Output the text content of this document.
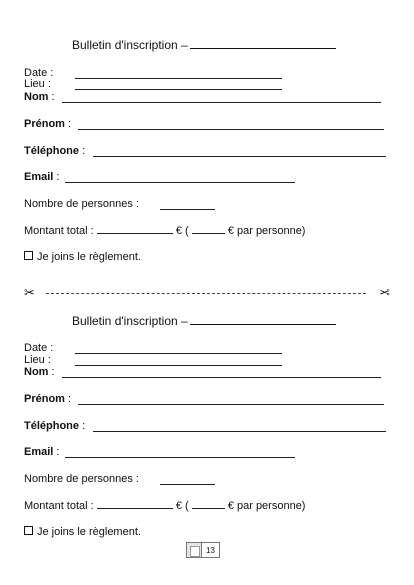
Bulletin d'inscription –
Date :
Lieu :
Nom :
Prénom :
Téléphone :
Email :
Nombre de personnes :
Montant total :	€ (	€ par personne)
Je joins le règlement.
✂	✂
Bulletin d'inscription –
Date :
Lieu :
Nom :
Prénom :
Téléphone :
Email :
Nombre de personnes :
Montant total :	€ (	€ par personne)
Je joins le règlement.
13
